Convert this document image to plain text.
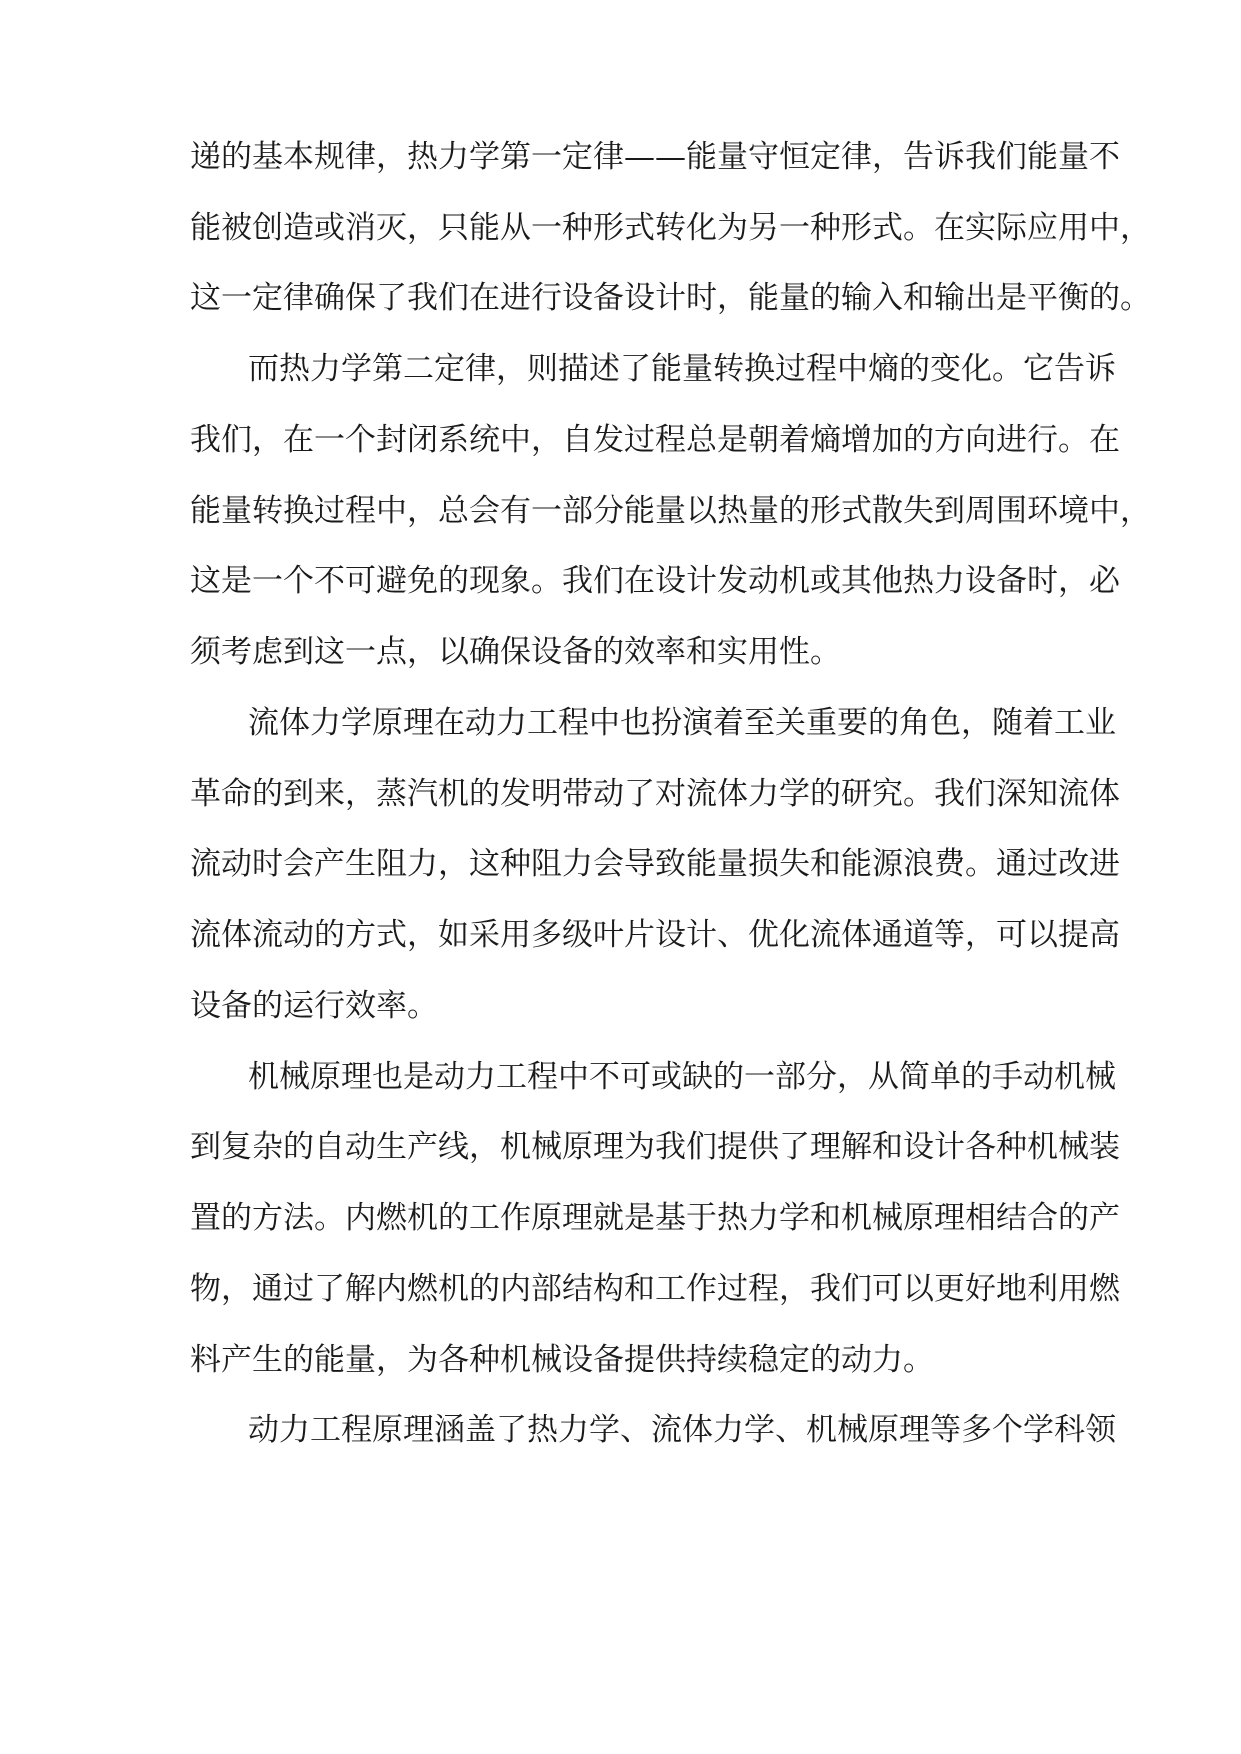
递的基本规律，热力学第一定律——能量守恒定律，告诉我们能量不
能被创造或消灭，只能从一种形式转化为另一种形式。在实际应用中，
这一定律确保了我们在进行设备设计时，能量的输入和输出是平衡的。
而热力学第二定律，则描述了能量转换过程中熵的变化。它告诉
我们，在一个封闭系统中，自发过程总是朝着熵增加的方向进行。在
能量转换过程中，总会有一部分能量以热量的形式散失到周围环境中，
这是一个不可避免的现象。我们在设计发动机或其他热力设备时，必
须考虑到这一点，以确保设备的效率和实用性。
流体力学原理在动力工程中也扮演着至关重要的角色，随着工业
革命的到来，蒸汽机的发明带动了对流体力学的研究。我们深知流体
流动时会产生阻力，这种阻力会导致能量损失和能源浪费。通过改进
流体流动的方式，如采用多级叶片设计、优化流体通道等，可以提高
设备的运行效率。
机械原理也是动力工程中不可或缺的一部分，从简单的手动机械
到复杂的自动生产线，机械原理为我们提供了理解和设计各种机械装
置的方法。内燃机的工作原理就是基于热力学和机械原理相结合的产
物，通过了解内燃机的内部结构和工作过程，我们可以更好地利用燃
料产生的能量，为各种机械设备提供持续稳定的动力。
动力工程原理涵盖了热力学、流体力学、机械原理等多个学科领
